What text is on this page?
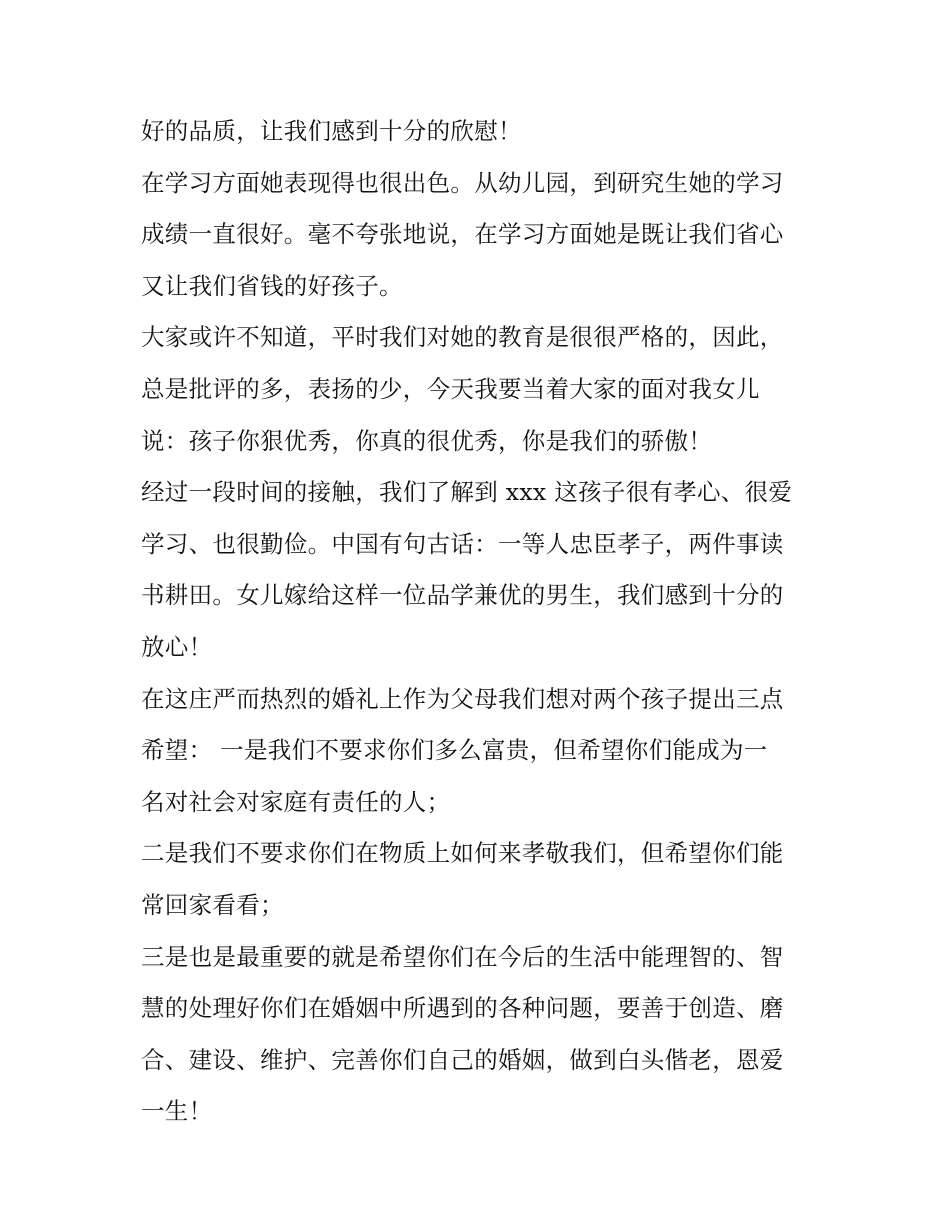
好的品质，让我们感到十分的欣慰！
在学习方面她表现得也很出色。从幼儿园，到研究生她的学习
成绩一直很好。毫不夸张地说，在学习方面她是既让我们省心
又让我们省钱的好孩子。
大家或许不知道，平时我们对她的教育是很很严格的，因此，
总是批评的多，表扬的少，今天我要当着大家的面对我女儿
说：孩子你狠优秀，你真的很优秀，你是我们的骄傲！
经过一段时间的接触，我们了解到 xxx 这孩子很有孝心、很爱
学习、也很勤俭。中国有句古话：一等人忠臣孝子，两件事读
书耕田。女儿嫁给这样一位品学兼优的男生，我们感到十分的
放心！
在这庄严而热烈的婚礼上作为父母我们想对两个孩子提出三点
希望： 一是我们不要求你们多么富贵，但希望你们能成为一
名对社会对家庭有责任的人；
二是我们不要求你们在物质上如何来孝敬我们，但希望你们能
常回家看看；
三是也是最重要的就是希望你们在今后的生活中能理智的、智
慧的处理好你们在婚姻中所遇到的各种问题，要善于创造、磨
合、建设、维护、完善你们自己的婚姻，做到白头偕老，恩爱
一生！
